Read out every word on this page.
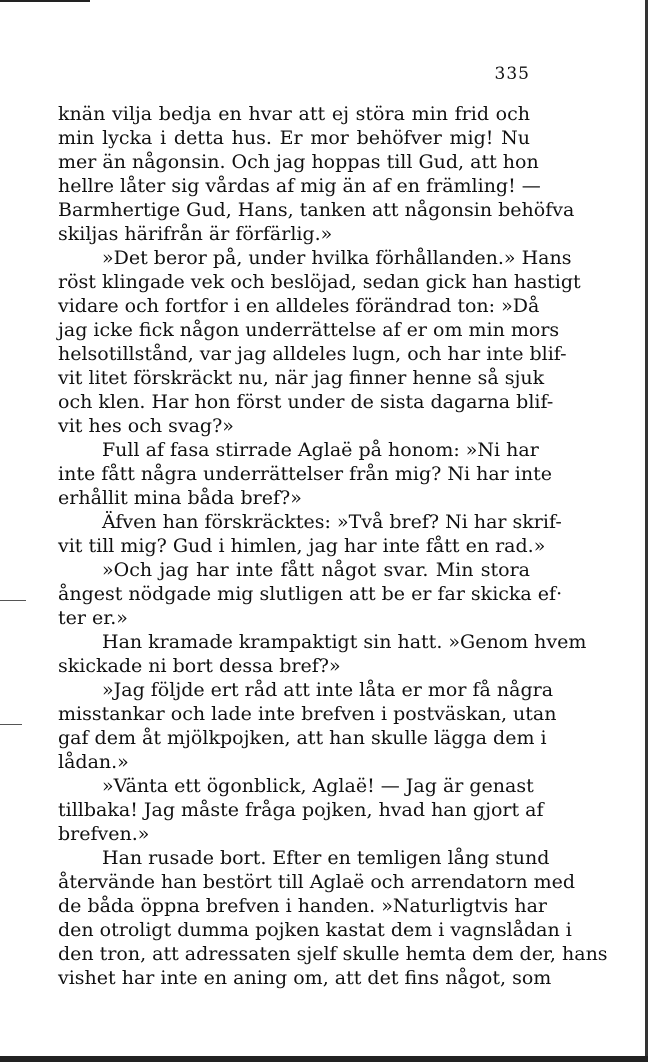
335
knän vilja bedja en hvar att ej störa min frid och
min lycka i detta hus. Er mor behöfver mig! Nu
mer än någonsin. Och jag hoppas till Gud, att hon
hellre låter sig vårdas af mig än af en främling! —
Barmhertige Gud, Hans, tanken att någonsin behöfva
skiljas härifrån är förfärlig.»
»Det beror på, under hvilka förhållanden.» Hans
röst klingade vek och beslöjad, sedan gick han hastigt
vidare och fortfor i en alldeles förändrad ton: »Då
jag icke fick någon underrättelse af er om min mors
helsotillstånd, var jag alldeles lugn, och har inte blif-
vit litet förskräckt nu, när jag finner henne så sjuk
och klen. Har hon först under de sista dagarna blif-
vit hes och svag?»
Full af fasa stirrade Aglaë på honom: »Ni har
inte fått några underrättelser från mig? Ni har inte
erhållit mina båda bref?»
Äfven han förskräcktes: »Två bref? Ni har skrif-
vit till mig? Gud i himlen, jag har inte fått en rad.»
»Och jag har inte fått något svar. Min stora
ångest nödgade mig slutligen att be er far skicka ef·
ter er.»
Han kramade krampaktigt sin hatt. »Genom hvem
skickade ni bort dessa bref?»
»Jag följde ert råd att inte låta er mor få några
misstankar och lade inte brefven i postväskan, utan
gaf dem åt mjölkpojken, att han skulle lägga dem i
lådan.»
»Vänta ett ögonblick, Aglaë! — Jag är genast
tillbaka! Jag måste fråga pojken, hvad han gjort af
brefven.»
Han rusade bort. Efter en temligen lång stund
återvände han bestört till Aglaë och arrendatorn med
de båda öppna brefven i handen. »Naturligtvis har
den otroligt dumma pojken kastat dem i vagnslådan i
den tron, att adressaten sjelf skulle hemta dem der, hans
vishet har inte en aning om, att det fins något, som
